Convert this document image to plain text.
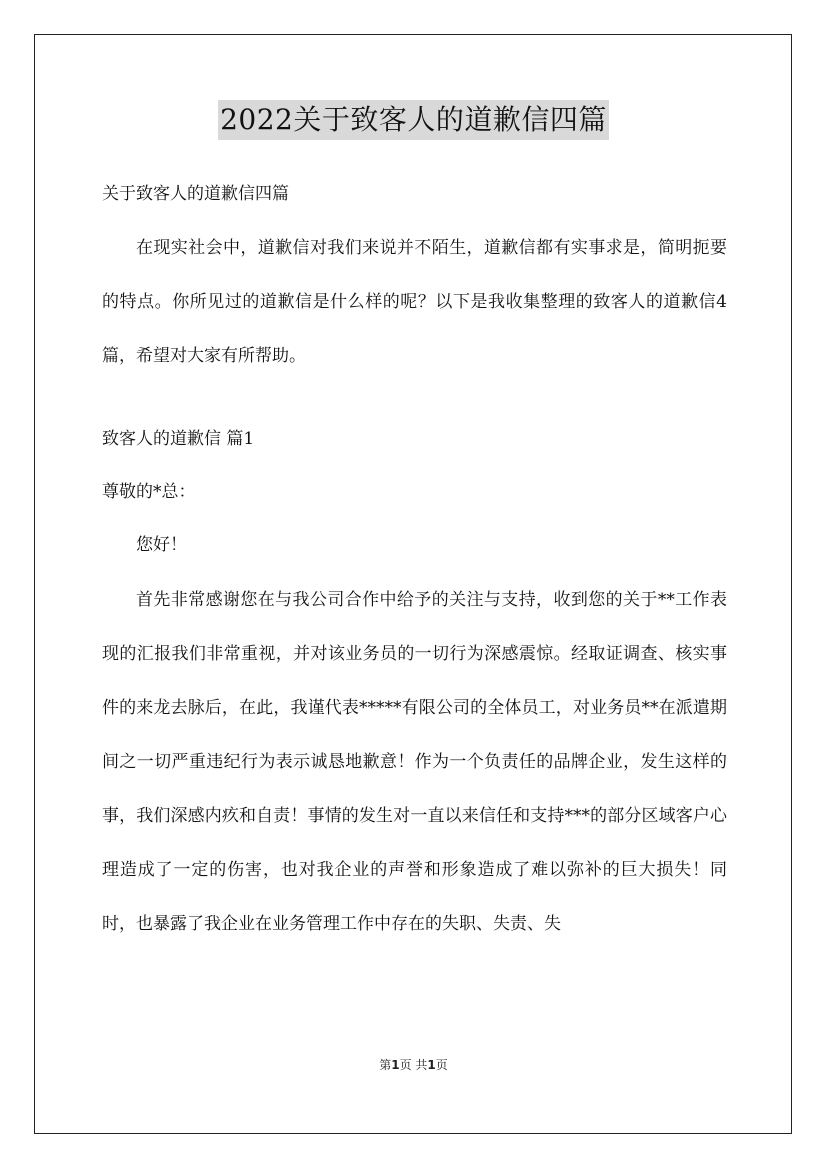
2022关于致客人的道歉信四篇
关于致客人的道歉信四篇

在现实社会中，道歉信对我们来说并不陌生，道歉信都有实事求是，简明扼要的特点。你所见过的道歉信是什么样的呢？以下是我收集整理的致客人的道歉信4篇，希望对大家有所帮助。

致客人的道歉信 篇1
尊敬的*总：
您好！

首先非常感谢您在与我公司合作中给予的关注与支持，收到您的关于**工作表现的汇报我们非常重视，并对该业务员的一切行为深感震惊。经取证调查、核实事件的来龙去脉后，在此，我谨代表*****有限公司的全体员工，对业务员**在派遣期间之一切严重违纪行为表示诚恳地歉意！作为一个负责任的品牌企业，发生这样的事，我们深感内疚和自责！事情的发生对一直以来信任和支持***的部分区域客户心理造成了一定的伤害，也对我企业的声誉和形象造成了难以弥补的巨大损失！同时，也暴露了我企业在业务管理工作中存在的失职、失责、失

第1页 共1页
